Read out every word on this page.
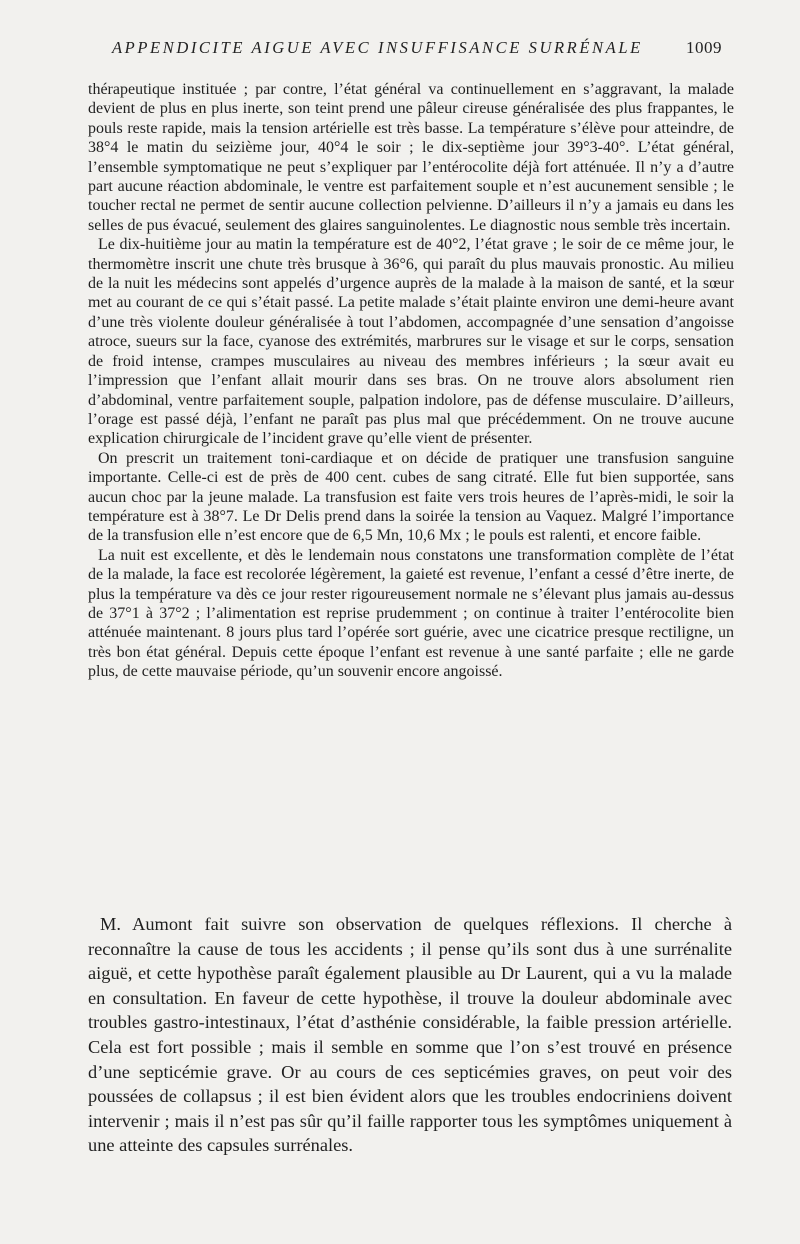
APPENDICITE AIGUE AVEC INSUFFISANCE SURRÉNALE	1009

thérapeutique instituée ; par contre, l’état général va continuellement en s’aggravant, la malade devient de plus en plus inerte, son teint prend une pâleur cireuse généralisée des plus frappantes, le pouls reste rapide, mais la tension artérielle est très basse. La température s’élève pour atteindre, de 38°4 le matin du seizième jour, 40°4 le soir ; le dix-septième jour 39°3-40°. L’état général, l’ensemble symptomatique ne peut s’expliquer par l’entérocolite déjà fort atténuée. Il n’y a d’autre part aucune réaction abdominale, le ventre est parfaitement souple et n’est aucunement sensible ; le toucher rectal ne permet de sentir aucune collection pelvienne. D’ailleurs il n’y a jamais eu dans les selles de pus évacué, seulement des glaires sanguinolentes. Le diagnostic nous semble très incertain.

Le dix-huitième jour au matin la température est de 40°2, l’état grave ; le soir de ce même jour, le thermomètre inscrit une chute très brusque à 36°6, qui paraît du plus mauvais pronostic. Au milieu de la nuit les médecins sont appelés d’urgence auprès de la malade à la maison de santé, et la sœur met au courant de ce qui s’était passé. La petite malade s’était plainte environ une demi-heure avant d’une très violente douleur généralisée à tout l’abdomen, accompagnée d’une sensation d’angoisse atroce, sueurs sur la face, cyanose des extrémités, marbrures sur le visage et sur le corps, sensation de froid intense, crampes musculaires au niveau des membres inférieurs ; la sœur avait eu l’impression que l’enfant allait mourir dans ses bras. On ne trouve alors absolument rien d’abdominal, ventre parfaitement souple, palpation indolore, pas de défense musculaire. D’ailleurs, l’orage est passé déjà, l’enfant ne paraît pas plus mal que précédemment. On ne trouve aucune explication chirurgicale de l’incident grave qu’elle vient de présenter.

On prescrit un traitement toni-cardiaque et on décide de pratiquer une transfusion sanguine importante. Celle-ci est de près de 400 cent. cubes de sang citraté. Elle fut bien supportée, sans aucun choc par la jeune malade. La transfusion est faite vers trois heures de l’après-midi, le soir la température est à 38°7. Le Dr Delis prend dans la soirée la tension au Vaquez. Malgré l’importance de la transfusion elle n’est encore que de 6,5 Mn, 10,6 Mx ; le pouls est ralenti, et encore faible.

La nuit est excellente, et dès le lendemain nous constatons une transformation complète de l’état de la malade, la face est recolorée légèrement, la gaieté est revenue, l’enfant a cessé d’être inerte, de plus la température va dès ce jour rester rigoureusement normale ne s’élevant plus jamais au-dessus de 37°1 à 37°2 ; l’alimentation est reprise prudemment ; on continue à traiter l’entérocolite bien atténuée maintenant. 8 jours plus tard l’opérée sort guérie, avec une cicatrice presque rectiligne, un très bon état général. Depuis cette époque l’enfant est revenue à une santé parfaite ; elle ne garde plus, de cette mauvaise période, qu’un souvenir encore angoissé.

M. Aumont fait suivre son observation de quelques réflexions. Il cherche à reconnaître la cause de tous les accidents ; il pense qu’ils sont dus à une surrénalite aiguë, et cette hypothèse paraît également plausible au Dr Laurent, qui a vu la malade en consultation. En faveur de cette hypothèse, il trouve la douleur abdominale avec troubles gastro-intestinaux, l’état d’asthénie considérable, la faible pression artérielle. Cela est fort possible ; mais il semble en somme que l’on s’est trouvé en présence d’une septicémie grave. Or au cours de ces septicémies graves, on peut voir des poussées de collapsus ; il est bien évident alors que les troubles endocriniens doivent intervenir ; mais il n’est pas sûr qu’il faille rapporter tous les symptômes uniquement à une atteinte des capsules surrénales.
